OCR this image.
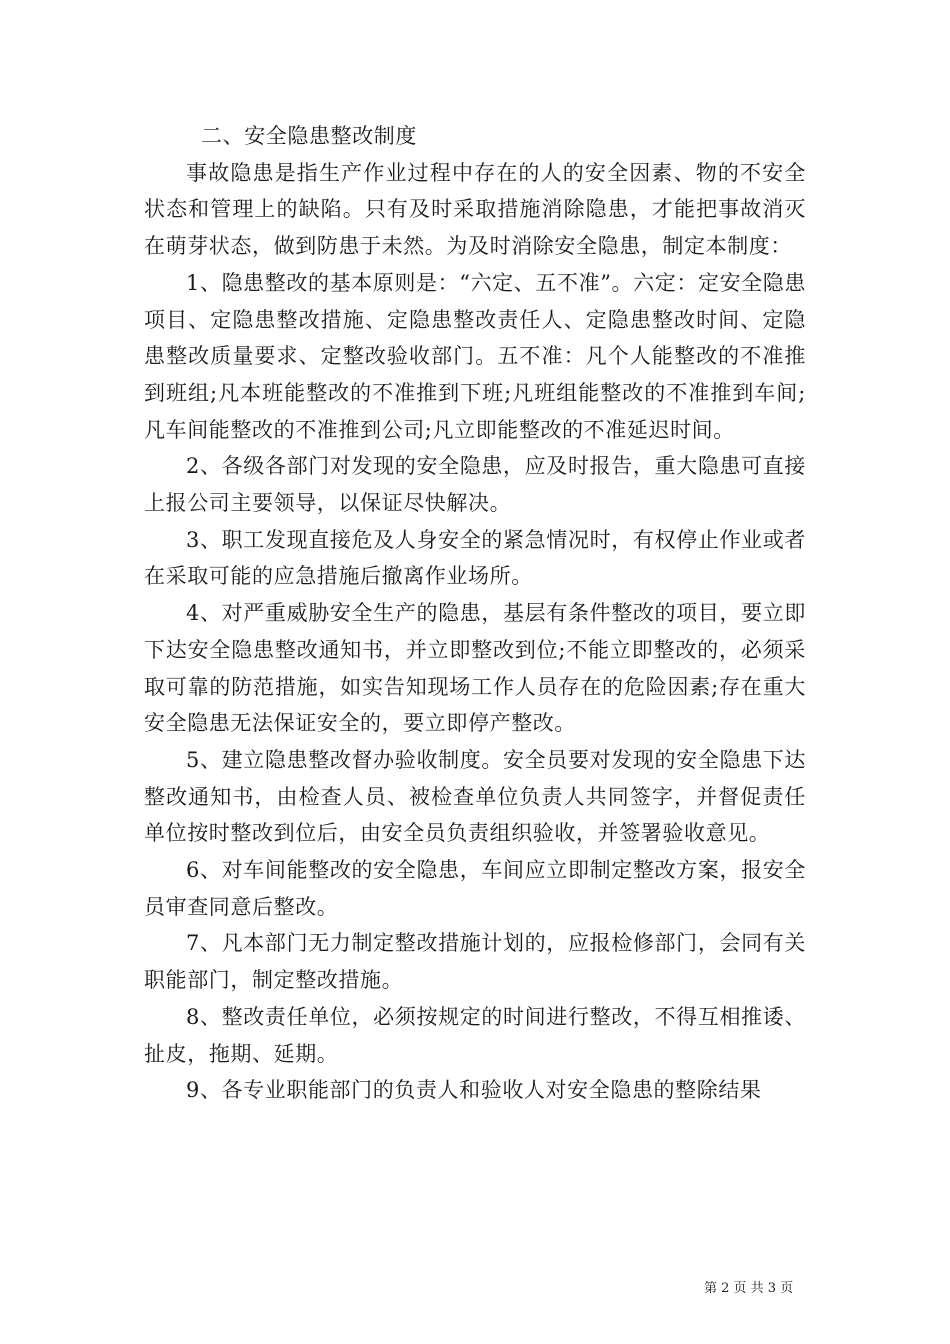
二、安全隐患整改制度

事故隐患是指生产作业过程中存在的人的安全因素、物的不安全状态和管理上的缺陷。只有及时采取措施消除隐患，才能把事故消灭在萌芽状态，做到防患于未然。为及时消除安全隐患，制定本制度：

1、隐患整改的基本原则是：“六定、五不准”。六定：定安全隐患项目、定隐患整改措施、定隐患整改责任人、定隐患整改时间、定隐患整改质量要求、定整改验收部门。五不准：凡个人能整改的不准推到班组;凡本班能整改的不准推到下班;凡班组能整改的不准推到车间;凡车间能整改的不准推到公司;凡立即能整改的不准延迟时间。

2、各级各部门对发现的安全隐患，应及时报告，重大隐患可直接上报公司主要领导，以保证尽快解决。

3、职工发现直接危及人身安全的紧急情况时，有权停止作业或者在采取可能的应急措施后撤离作业场所。

4、对严重威胁安全生产的隐患，基层有条件整改的项目，要立即下达安全隐患整改通知书，并立即整改到位;不能立即整改的，必须采取可靠的防范措施，如实告知现场工作人员存在的危险因素;存在重大安全隐患无法保证安全的，要立即停产整改。

5、建立隐患整改督办验收制度。安全员要对发现的安全隐患下达整改通知书，由检查人员、被检查单位负责人共同签字，并督促责任单位按时整改到位后，由安全员负责组织验收，并签署验收意见。

6、对车间能整改的安全隐患，车间应立即制定整改方案，报安全员审查同意后整改。

7、凡本部门无力制定整改措施计划的，应报检修部门，会同有关职能部门，制定整改措施。

8、整改责任单位，必须按规定的时间进行整改，不得互相推诿、扯皮，拖期、延期。

9、各专业职能部门的负责人和验收人对安全隐患的整除结果

第 2 页 共 3 页
